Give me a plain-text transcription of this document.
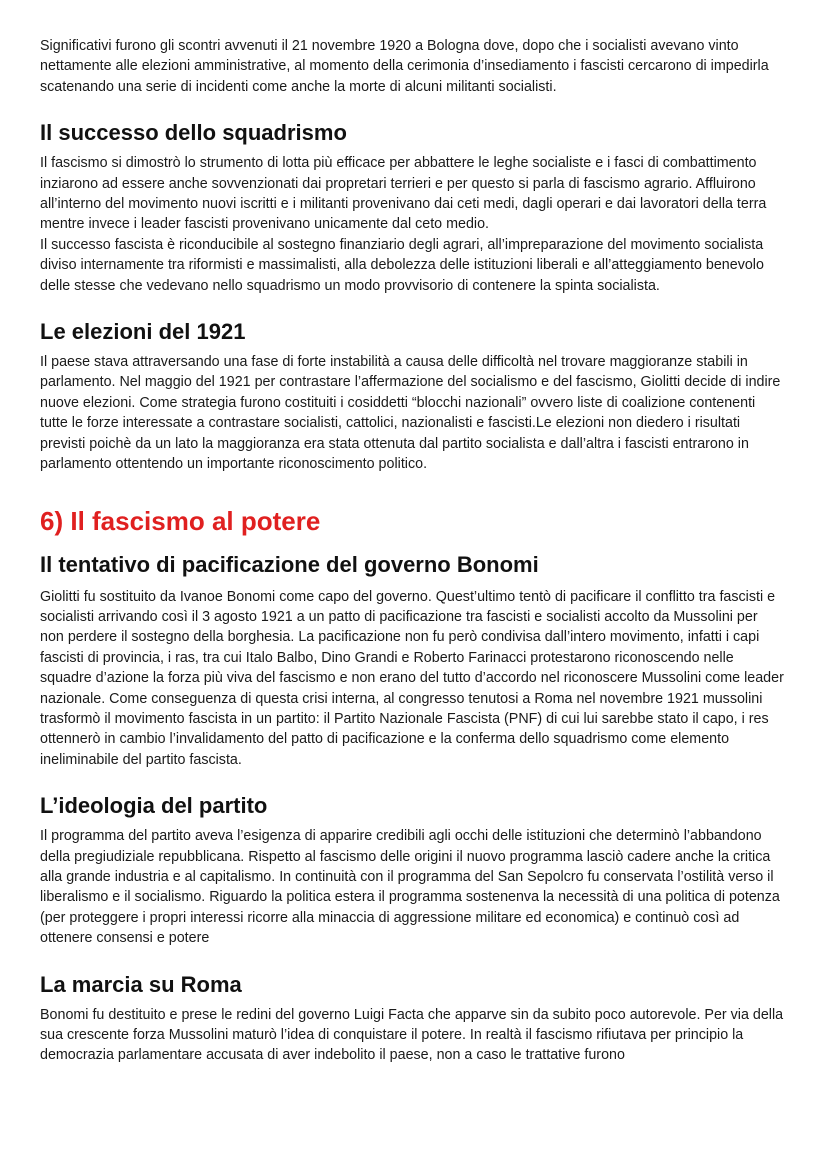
Significativi furono gli scontri avvenuti il 21 novembre 1920 a Bologna dove, dopo che i socialisti avevano vinto nettamente alle elezioni amministrative, al momento della cerimonia d’insediamento i fascisti cercarono di impedirla scatenando una serie di incidenti come anche la morte di alcuni militanti socialisti.

Il successo dello squadrismo

Il fascismo si dimostrò lo strumento di lotta più efficace per abbattere le leghe socialiste e i fasci di combattimento inziarono ad essere anche sovvenzionati dai propretari terrieri e per questo si parla di fascismo agrario. Affluirono all’interno del movimento nuovi iscritti e i militanti provenivano dai ceti medi, dagli operari e dai lavoratori della terra mentre invece i leader fascisti provenivano unicamente dal ceto medio.

Il successo fascista è riconducibile al sostegno finanziario degli agrari, all’impreparazione del movimento socialista diviso internamente tra riformisti e massimalisti, alla debolezza delle istituzioni liberali e all’atteggiamento benevolo delle stesse che vedevano nello squadrismo un modo provvisorio di contenere la spinta socialista.

Le elezioni del 1921

Il paese stava attraversando una fase di forte instabilità a causa delle difficoltà nel trovare maggioranze stabili in parlamento. Nel maggio del 1921 per contrastare l’affermazione del socialismo e del fascismo, Giolitti decide di indire nuove elezioni. Come strategia furono costituiti i cosiddetti “blocchi nazionali” ovvero liste di coalizione contenenti tutte le forze interessate a contrastare socialisti, cattolici, nazionalisti e fascisti.Le elezioni non diedero i risultati previsti poichè da un lato la maggioranza era stata ottenuta dal partito socialista e dall’altra i fascisti entrarono in parlamento ottentendo un importante riconoscimento politico.

6) Il fascismo al potere
Il tentativo di pacificazione del governo Bonomi

Giolitti fu sostituito da Ivanoe Bonomi come capo del governo. Quest’ultimo tentò di pacificare il conflitto tra fascisti e socialisti arrivando così il 3 agosto 1921 a un patto di pacificazione tra fascisti e socialisti accolto da Mussolini per non perdere il sostegno della borghesia. La pacificazione non fu però condivisa dall’intero movimento, infatti i capi fascisti di provincia, i ras, tra cui Italo Balbo, Dino Grandi e Roberto Farinacci protestarono riconoscendo nelle squadre d’azione la forza più viva del fascismo e non erano del tutto d’accordo nel riconoscere Mussolini come leader nazionale. Come conseguenza di questa crisi interna, al congresso tenutosi a Roma nel novembre 1921 mussolini trasformò il movimento fascista in un partito: il Partito Nazionale Fascista (PNF) di cui lui sarebbe stato il capo, i res ottennerò in cambio l’invalidamento del patto di pacificazione e la conferma dello squadrismo come elemento ineliminabile del partito fascista.

L’ideologia del partito

Il programma del partito aveva l’esigenza di apparire credibili agli occhi delle istituzioni che determinò l’abbandono della pregiudiziale repubblicana. Rispetto al fascismo delle origini il nuovo programma lasciò cadere anche la critica alla grande industria e al capitalismo. In continuità con il programma del San Sepolcro fu conservata l’ostilità verso il liberalismo e il socialismo. Riguardo la politica estera il programma sostenenva la necessità di una politica di potenza (per proteggere i propri interessi ricorre alla minaccia di aggressione militare ed economica) e continuò così ad ottenere consensi e potere

La marcia su Roma

Bonomi fu destituito e prese le redini del governo Luigi Facta che apparve sin da subito poco autorevole. Per via della sua crescente forza Mussolini maturò l’idea di conquistare il potere. In realtà il fascismo rifiutava per principio la democrazia parlamentare accusata di aver indebolito il paese, non a caso le trattative furono
